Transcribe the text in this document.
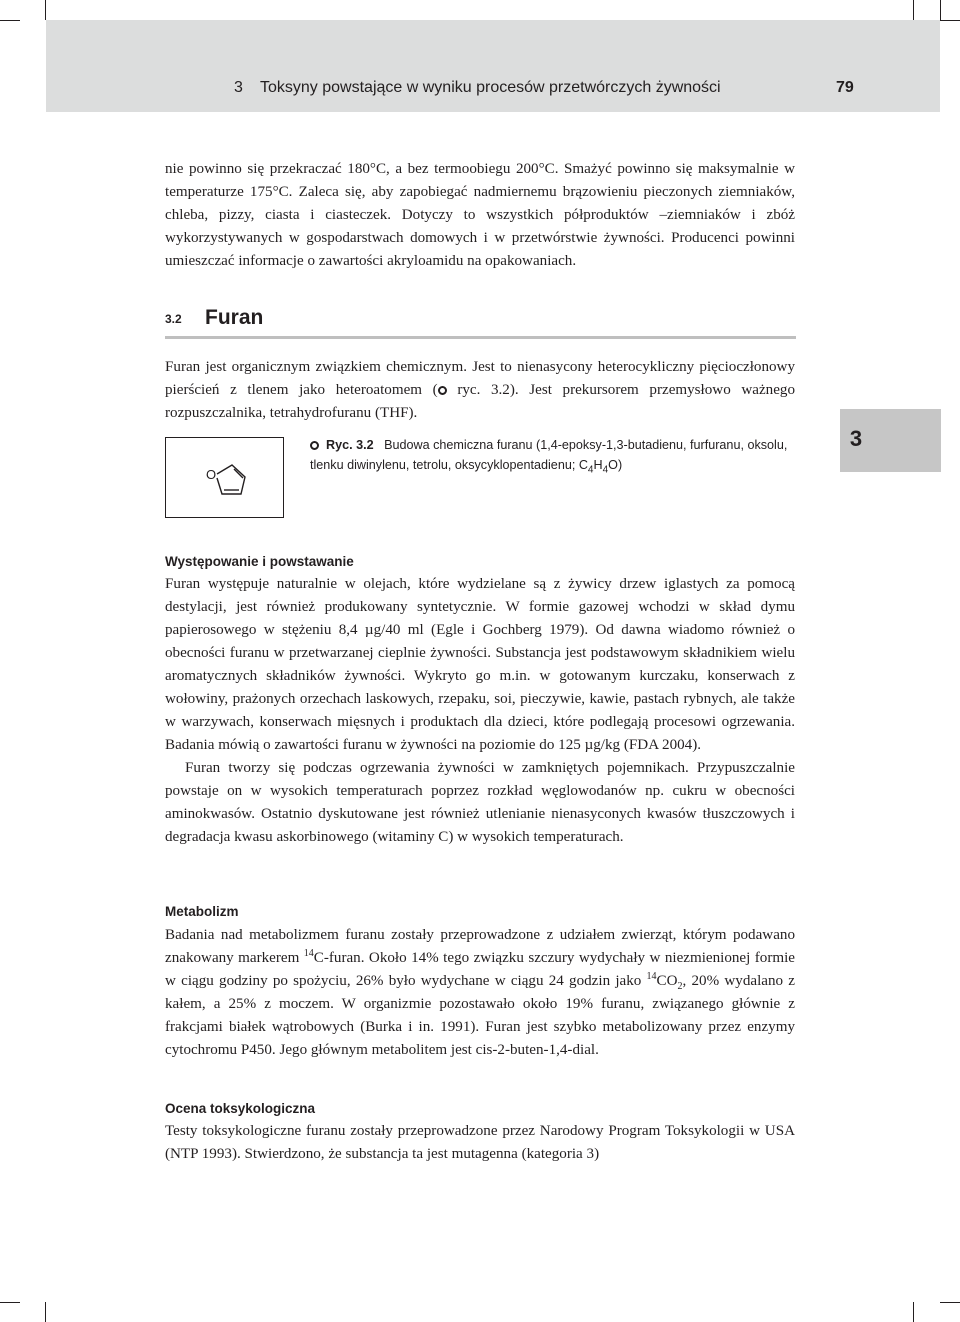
3 Toksyny powstające w wyniku procesów przetwórczych żywności	79

nie powinno się przekraczać 180°C, a bez termoobiegu 200°C. Smażyć powinno się maksymalnie w temperaturze 175°C. Zaleca się, aby zapobiegać nadmiernemu brązowieniu pieczonych ziemniaków, chleba, pizzy, ciasta i ciasteczek. Dotyczy to wszystkich półproduktów –ziemniaków i zbóż wykorzystywanych w gospodarstwach domowych i w przetwórstwie żywności. Producenci powinni umieszczać informacje o zawartości akryloamidu na opakowaniach.

3.2 Furan

Furan jest organicznym związkiem chemicznym. Jest to nienasycony heterocykliczny pięcioczłonowy pierścień z tlenem jako heteroatomem ( ryc. 3.2). Jest prekursorem przemysłowo ważnego rozpuszczalnika, tetrahydrofuranu (THF).

O
Ryc. 3.2 Budowa chemiczna furanu (1,4-epoksy-1,3-butadienu, furfuranu, oksolu, tlenku diwinylenu, tetrolu, oksycyklopentadienu; $C_4H_4O$)
3
Występowanie i powstawanie

Furan występuje naturalnie w olejach, które wydzielane są z żywicy drzew iglastych za pomocą destylacji, jest również produkowany syntetycznie. W formie gazowej wchodzi w skład dymu papierosowego w stężeniu 8,4 µg/40 ml (Egle i Gochberg 1979). Od dawna wiadomo również o obecności furanu w przetwarzanej cieplnie żywności. Substancja jest podstawowym składnikiem wielu aromatycznych składników żywności. Wykryto go m.in. w gotowanym kurczaku, konserwach z wołowiny, prażonych orzechach laskowych, rzepaku, soi, pieczywie, kawie, pastach rybnych, ale także w warzywach, konserwach mięsnych i produktach dla dzieci, które podlegają procesowi ogrzewania. Badania mówią o zawartości furanu w żywności na poziomie do 125 µg/kg (FDA 2004).

Furan tworzy się podczas ogrzewania żywności w zamkniętych pojemnikach. Przypuszczalnie powstaje on w wysokich temperaturach poprzez rozkład węglowodanów np. cukru w obecności aminokwasów. Ostatnio dyskutowane jest również utlenianie nienasyconych kwasów tłuszczowych i degradacja kwasu askorbinowego (witaminy C) w wysokich temperaturach.

Metabolizm

Badania nad metabolizmem furanu zostały przeprowadzone z udziałem zwierząt, którym podawano znakowany markerem $^{14}$C-furan. Około 14% tego związku szczury wydychały w niezmienionej formie w ciągu godziny po spożyciu, 26% było wydychane w ciągu 24 godzin jako $^{14}CO_2$, 20% wydalano z kałem, a 25% z moczem. W organizmie pozostawało około 19% furanu, związanego głównie z frakcjami białek wątrobowych (Burka i in. 1991). Furan jest szybko metabolizowany przez enzymy cytochromu P450. Jego głównym metabolitem jest cis-2-buten-1,4-dial.

Ocena toksykologiczna

Testy toksykologiczne furanu zostały przeprowadzone przez Narodowy Program Toksykologii w USA (NTP 1993). Stwierdzono, że substancja ta jest mutagenna (kategoria 3)
